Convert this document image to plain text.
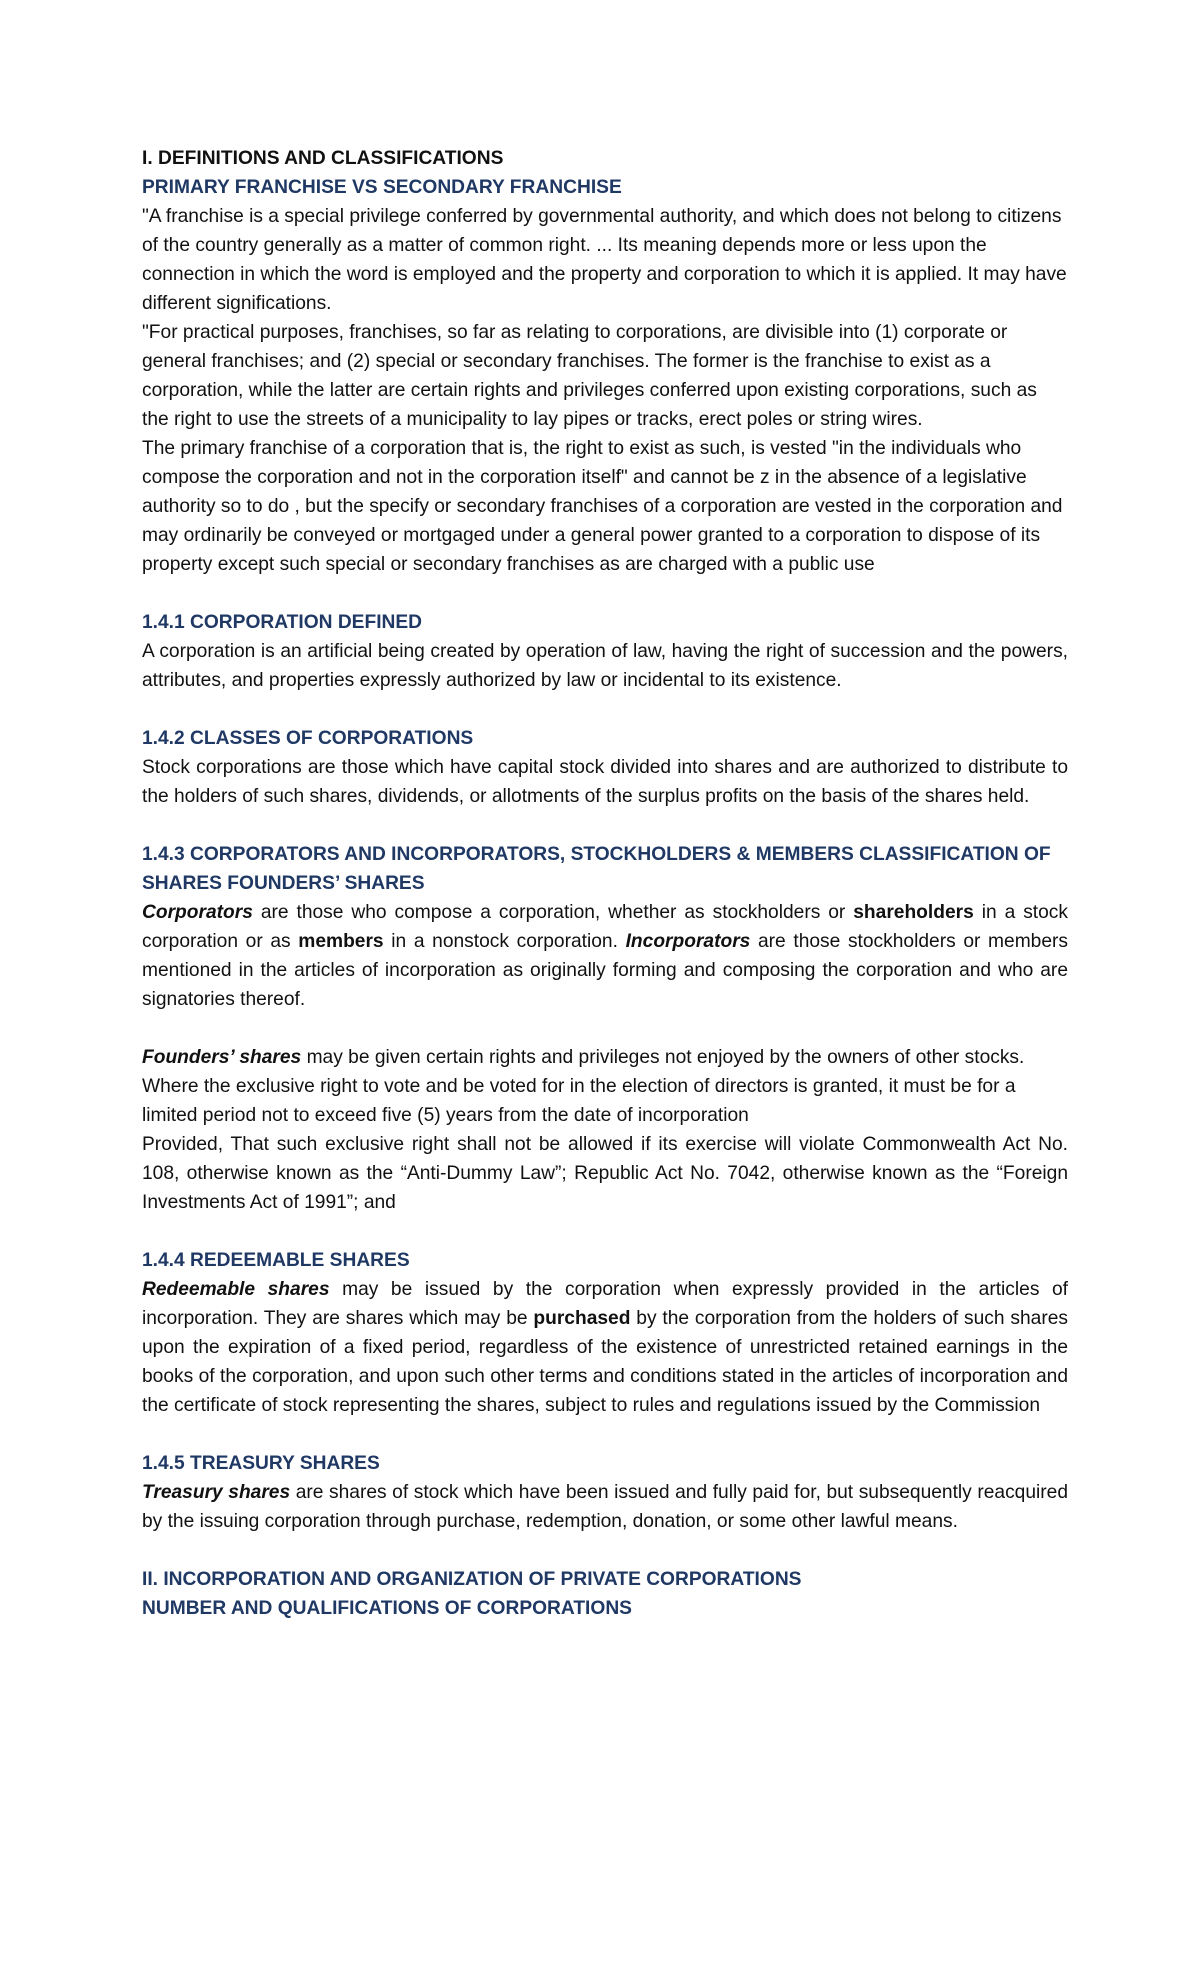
I. DEFINITIONS AND CLASSIFICATIONS
PRIMARY FRANCHISE VS SECONDARY FRANCHISE
"A franchise is a special privilege conferred by governmental authority, and which does not belong to citizens of the country generally as a matter of common right. ... Its meaning depends more or less upon the connection in which the word is employed and the property and corporation to which it is applied. It may have different significations.
"For practical purposes, franchises, so far as relating to corporations, are divisible into (1) corporate or general franchises; and (2) special or secondary franchises. The former is the franchise to exist as a corporation, while the latter are certain rights and privileges conferred upon existing corporations, such as the right to use the streets of a municipality to lay pipes or tracks, erect poles or string wires.
The primary franchise of a corporation that is, the right to exist as such, is vested "in the individuals who compose the corporation and not in the corporation itself" and cannot be z in the absence of a legislative authority so to do , but the specify or secondary franchises of a corporation are vested in the corporation and may ordinarily be conveyed or mortgaged under a general power granted to a corporation to dispose of its property except such special or secondary franchises as are charged with a public use
1.4.1 CORPORATION DEFINED
A corporation is an artificial being created by operation of law, having the right of succession and the powers, attributes, and properties expressly authorized by law or incidental to its existence.
1.4.2 CLASSES OF CORPORATIONS
Stock corporations are those which have capital stock divided into shares and are authorized to distribute to the holders of such shares, dividends, or allotments of the surplus profits on the basis of the shares held.
1.4.3 CORPORATORS AND INCORPORATORS, STOCKHOLDERS & MEMBERS CLASSIFICATION OF SHARES FOUNDERS’ SHARES
Corporators are those who compose a corporation, whether as stockholders or shareholders in a stock corporation or as members in a nonstock corporation. Incorporators are those stockholders or members mentioned in the articles of incorporation as originally forming and composing the corporation and who are signatories thereof.
Founders’ shares may be given certain rights and privileges not enjoyed by the owners of other stocks. Where the exclusive right to vote and be voted for in the election of directors is granted, it must be for a limited period not to exceed five (5) years from the date of incorporation
Provided, That such exclusive right shall not be allowed if its exercise will violate Commonwealth Act No. 108, otherwise known as the “Anti-Dummy Law”; Republic Act No. 7042, otherwise known as the “Foreign Investments Act of 1991”; and
1.4.4 REDEEMABLE SHARES
Redeemable shares may be issued by the corporation when expressly provided in the articles of incorporation. They are shares which may be purchased by the corporation from the holders of such shares upon the expiration of a fixed period, regardless of the existence of unrestricted retained earnings in the books of the corporation, and upon such other terms and conditions stated in the articles of incorporation and the certificate of stock representing the shares, subject to rules and regulations issued by the Commission
1.4.5 TREASURY SHARES
Treasury shares are shares of stock which have been issued and fully paid for, but subsequently reacquired by the issuing corporation through purchase, redemption, donation, or some other lawful means.
II. INCORPORATION AND ORGANIZATION OF PRIVATE CORPORATIONS
NUMBER AND QUALIFICATIONS OF CORPORATIONS
